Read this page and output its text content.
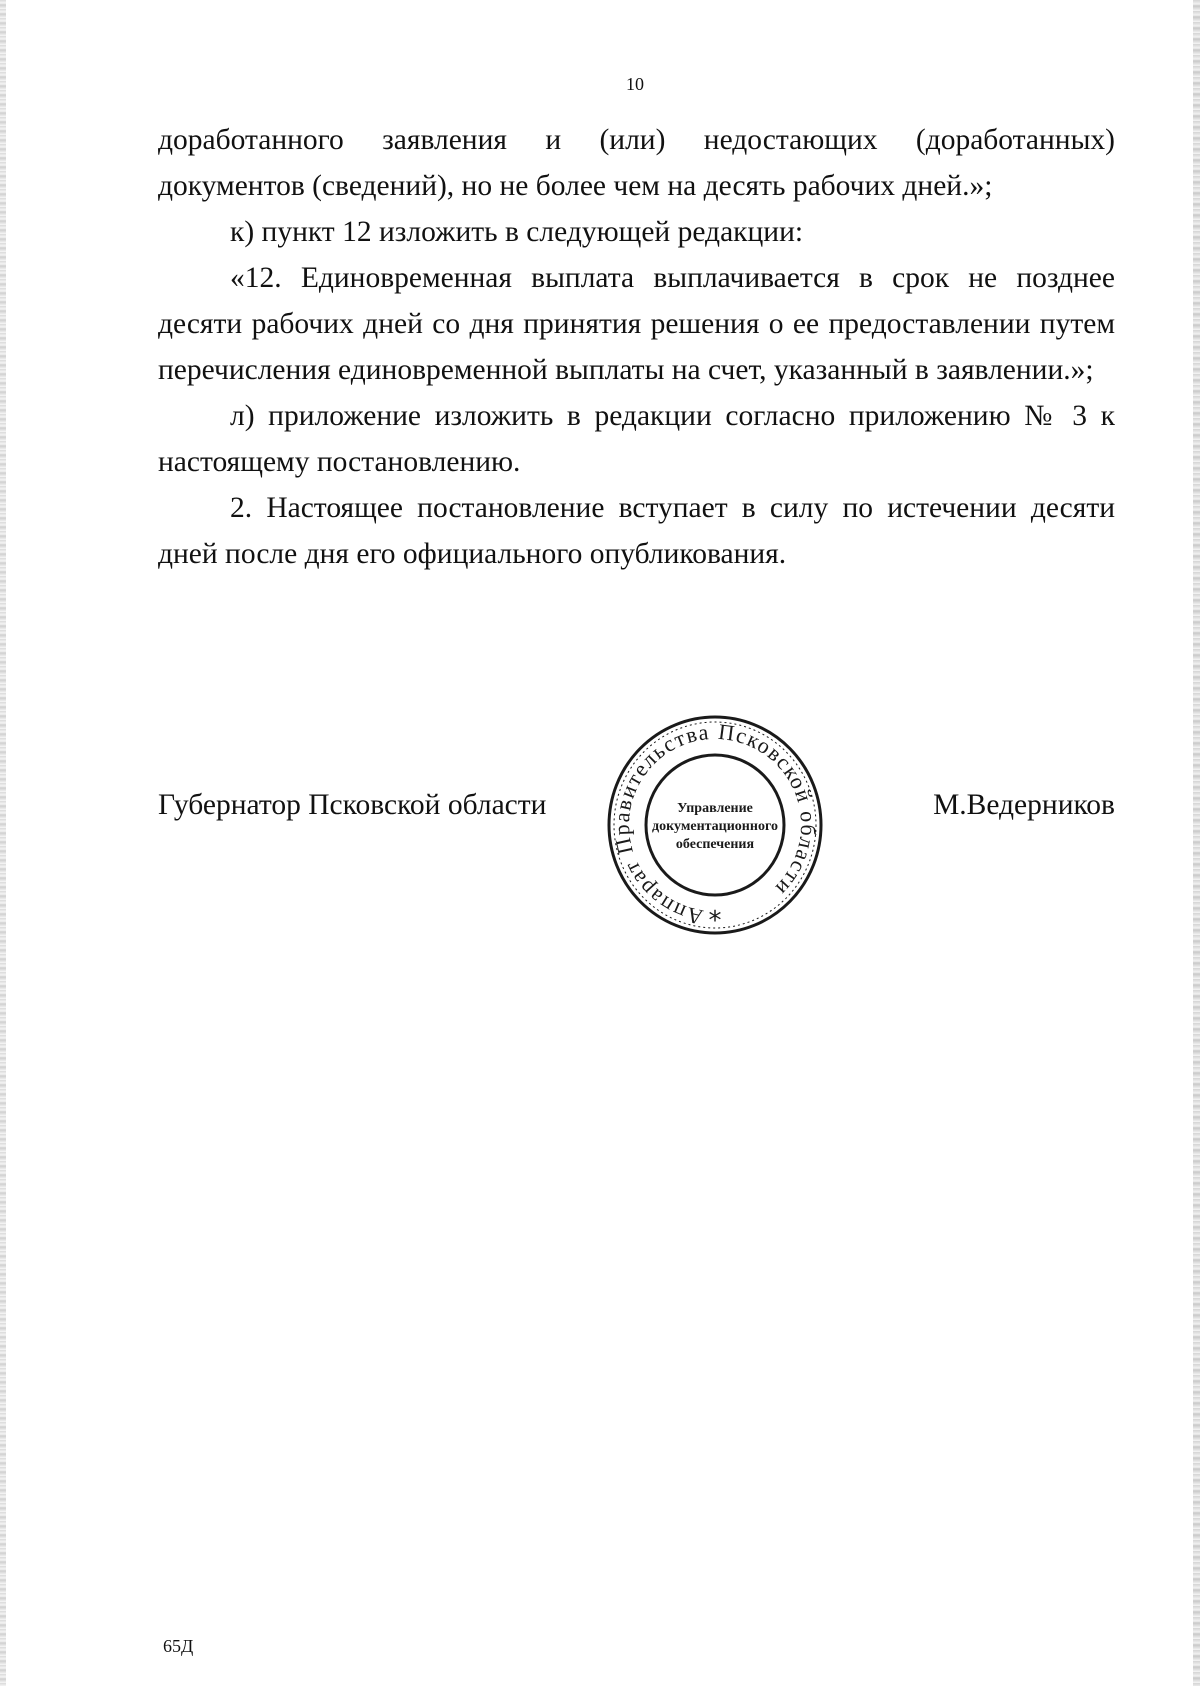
10

доработанного заявления и (или) недостающих (доработанных)

документов (сведений), но не более чем на десять рабочих дней.»;

к) пункт 12 изложить в следующей редакции:

«12. Единовременная выплата выплачивается в срок не позднее десяти рабочих дней со дня принятия решения о ее предоставлении путем перечисления единовременной выплаты на счет, указанный в заявлении.»;

л) приложение изложить в редакции согласно приложению № 3 к настоящему постановлению.

2. Настоящее постановление вступает в силу по истечении десяти дней после дня его официального опубликования.

Губернатор Псковской области	М.Ведерников
Аппарат Правительства Псковской области
Управление
документационного
обеспечения
*
65Д
